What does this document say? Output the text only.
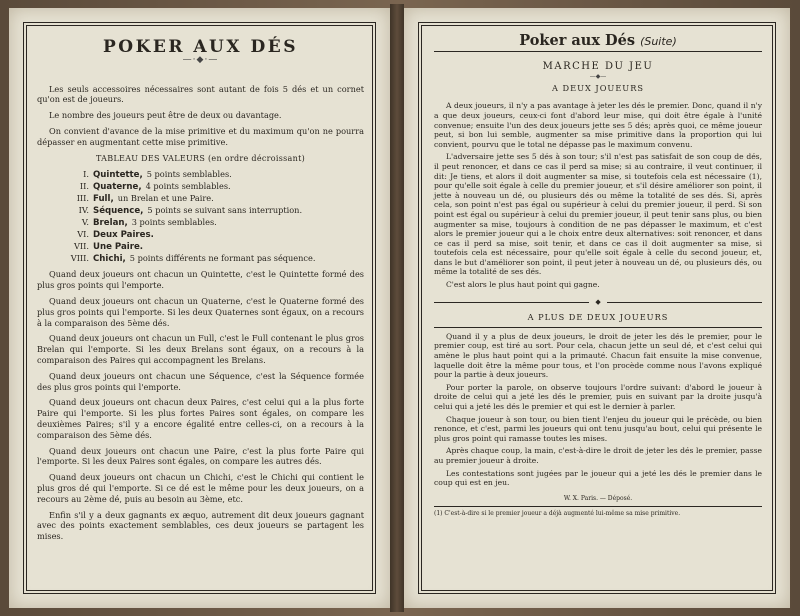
POKER AUX DÉS
—·◆·—

Les seuls accessoires nécessaires sont autant de fois 5 dés et un cornet qu'on est de joueurs.

Le nombre des joueurs peut être de deux ou davantage.

On convient d'avance de la mise primitive et du maximum qu'on ne pourra dépasser en augmentant cette mise primitive.

TABLEAU DES VALEURS (en ordre décroissant)
I. Quintette, 5 points semblables.
II. Quaterne, 4 points semblables.
III. Full, un Brelan et une Paire.
IV. Séquence, 5 points se suivant sans interruption.
V. Brelan, 3 points semblables.
VI. Deux Paires.
VII. Une Paire.
VIII. Chichi, 5 points différents ne formant pas séquence.

Quand deux joueurs ont chacun un Quintette, c'est le Quintette formé des plus gros points qui l'emporte.

Quand deux joueurs ont chacun un Quaterne, c'est le Quaterne formé des plus gros points qui l'emporte. Si les deux Quaternes sont égaux, on a recours à la comparaison des 5ème dés.

Quand deux joueurs ont chacun un Full, c'est le Full contenant le plus gros Brelan qui l'emporte. Si les deux Brelans sont égaux, on a recours à la comparaison des Paires qui accompagnent les Brelans.

Quand deux joueurs ont chacun une Séquence, c'est la Séquence formée des plus gros points qui l'emporte.

Quand deux joueurs ont chacun deux Paires, c'est celui qui a la plus forte Paire qui l'emporte. Si les plus fortes Paires sont égales, on compare les deuxièmes Paires; s'il y a encore égalité entre celles-ci, on a recours à la comparaison des 5ème dés.

Quand deux joueurs ont chacun une Paire, c'est la plus forte Paire qui l'emporte. Si les deux Paires sont égales, on compare les autres dés.

Quand deux joueurs ont chacun un Chichi, c'est le Chichi qui contient le plus gros dé qui l'emporte. Si ce dé est le même pour les deux joueurs, on a recours au 2ème dé, puis au besoin au 3ème, etc.

Enfin s'il y a deux gagnants ex æquo, autrement dit deux joueurs gagnant avec des points exactement semblables, ces deux joueurs se partagent les mises.

Poker aux Dés (Suite)
MARCHE DU JEU
—◆—
A DEUX JOUEURS

A deux joueurs, il n'y a pas avantage à jeter les dés le premier. Donc, quand il n'y a que deux joueurs, ceux-ci font d'abord leur mise, qui doit être égale à l'unité convenue; ensuite l'un des deux joueurs jette ses 5 dés; après quoi, ce même joueur peut, si bon lui semble, augmenter sa mise primitive dans la proportion qui lui convient, pourvu que le total ne dépasse pas le maximum convenu.

L'adversaire jette ses 5 dés à son tour; s'il n'est pas satisfait de son coup de dés, il peut renoncer, et dans ce cas il perd sa mise; si au contraire, il veut continuer, il dit: Je tiens, et alors il doit augmenter sa mise, si toutefois cela est nécessaire (1), pour qu'elle soit égale à celle du premier joueur, et s'il désire améliorer son point, il jette à nouveau un dé, ou plusieurs dés ou même la totalité de ses dés. Si, après cela, son point n'est pas égal ou supérieur à celui du premier joueur, il perd. Si son point est égal ou supérieur à celui du premier joueur, il peut tenir sans plus, ou bien augmenter sa mise, toujours à condition de ne pas dépasser le maximum, et c'est alors le premier joueur qui a le choix entre deux alternatives: soit renoncer, et dans ce cas il perd sa mise, soit tenir, et dans ce cas il doit augmenter sa mise, si toutefois cela est nécessaire, pour qu'elle soit égale à celle du second joueur, et, dans le but d'améliorer son point, il peut jeter à nouveau un dé, ou plusieurs dés, ou même la totalité de ses dés.

C'est alors le plus haut point qui gagne.

◆
A PLUS DE DEUX JOUEURS

Quand il y a plus de deux joueurs, le droit de jeter les dés le premier, pour le premier coup, est tiré au sort. Pour cela, chacun jette un seul dé, et c'est celui qui amène le plus haut point qui a la primauté. Chacun fait ensuite la mise convenue, laquelle doit être la même pour tous, et l'on procède comme nous l'avons expliqué pour la partie à deux joueurs.

Pour porter la parole, on observe toujours l'ordre suivant: d'abord le joueur à droite de celui qui a jeté les dés le premier, puis en suivant par la droite jusqu'à celui qui a jeté les dés le premier et qui est le dernier à parler.

Chaque joueur à son tour, ou bien tient l'enjeu du joueur qui le précède, ou bien renonce, et c'est, parmi les joueurs qui ont tenu jusqu'au bout, celui qui présente le plus gros point qui ramasse toutes les mises.

Après chaque coup, la main, c'est-à-dire le droit de jeter les dés le premier, passe au premier joueur à droite.

Les contestations sont jugées par le joueur qui a jeté les dés le premier dans le coup qui est en jeu.

W. X. Paris. — Déposé.
(1) C'est-à-dire si le premier joueur a déjà augmenté lui-même sa mise primitive.
